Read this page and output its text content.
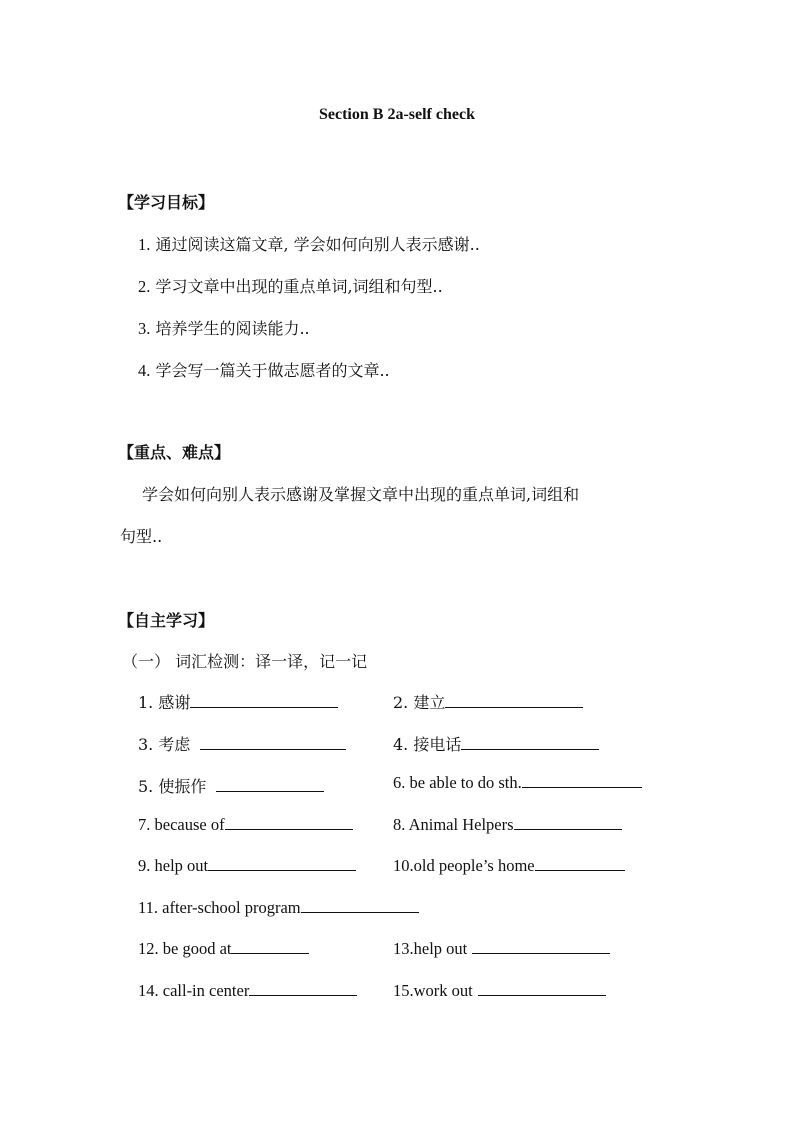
Section B 2a-self check
【学习目标】
1. 通过阅读这篇文章, 学会如何向别人表示感谢..
2. 学习文章中出现的重点单词,词组和句型..
3. 培养学生的阅读能力..
4. 学会写一篇关于做志愿者的文章..
【重点、难点】
学会如何向别人表示感谢及掌握文章中出现的重点单词,词组和
句型..
【自主学习】
（一） 词汇检测：译一译，记一记
1. 感谢	2. 建立
3. 考虑	4. 接电话
5. 使振作	6. be able to do sth.
7. because of	8. Animal Helpers
9. help out	10.old people’s home
11. after-school program
12. be good at	13.help out
14. call-in center	15.work out
